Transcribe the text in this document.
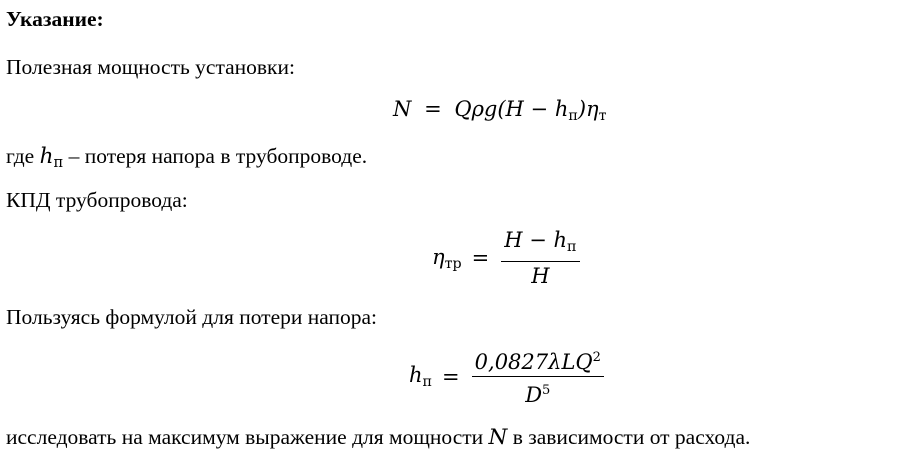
Указание:
Полезная мощность установки:
$N = Q\rho g(H - h_п)\eta_т$
где $h_п$ – потеря напора в трубопроводе.
КПД трубопровода:
$\eta_{тр} = \frac{H - h_п}{H}$
Пользуясь формулой для потери напора:
$h_п = \frac{0,0827\lambda LQ^2}{D^5}$
исследовать на максимум выражение для мощности N в зависимости от расхода.
